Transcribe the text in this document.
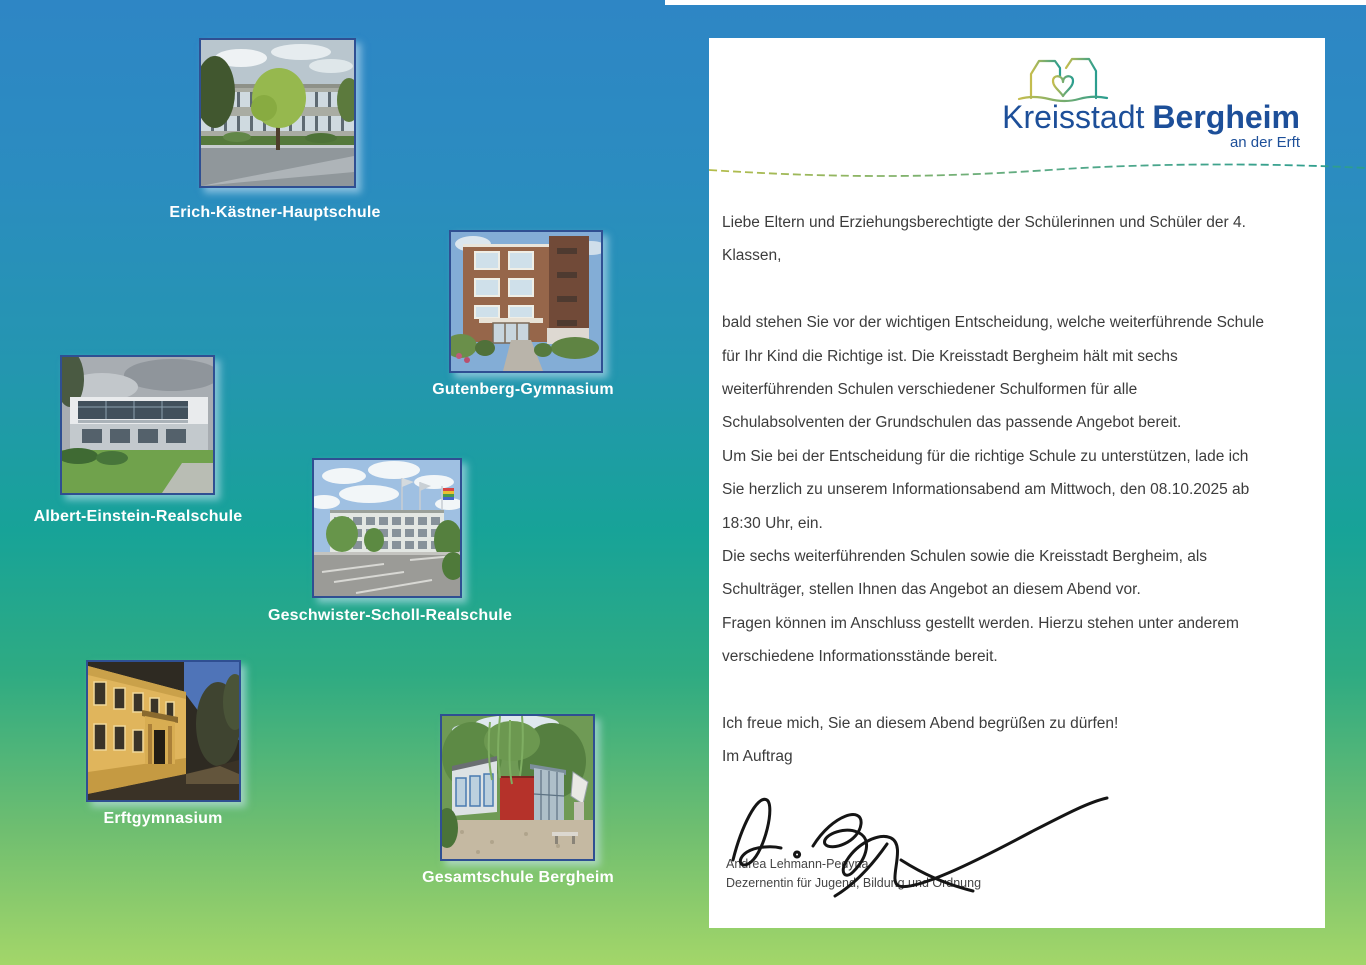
Erich-Kästner-Hauptschule
Gutenberg-Gymnasium
Albert-Einstein-Realschule
Geschwister-Scholl-Realschule
Erftgymnasium
Gesamtschule Bergheim
Kreisstadt Bergheim
an der Erft
Liebe Eltern und Erziehungsberechtigte der Schülerinnen und Schüler der 4.
Klassen,
bald stehen Sie vor der wichtigen Entscheidung, welche weiterführende Schule
für Ihr Kind die Richtige ist. Die Kreisstadt Bergheim hält mit sechs
weiterführenden Schulen verschiedener Schulformen für alle
Schulabsolventen der Grundschulen das passende Angebot bereit.
Um Sie bei der Entscheidung für die richtige Schule zu unterstützen, lade ich
Sie herzlich zu unserem Informationsabend am Mittwoch, den 08.10.2025 ab
18:30 Uhr, ein.
Die sechs weiterführenden Schulen sowie die Kreisstadt Bergheim, als
Schulträger, stellen Ihnen das Angebot an diesem Abend vor.
Fragen können im Anschluss gestellt werden. Hierzu stehen unter anderem
verschiedene Informationsstände bereit.
Ich freue mich, Sie an diesem Abend begrüßen zu dürfen!
Im Auftrag
Andrea Lehmann-Pedyna
Dezernentin für Jugend, Bildung und Ordnung
